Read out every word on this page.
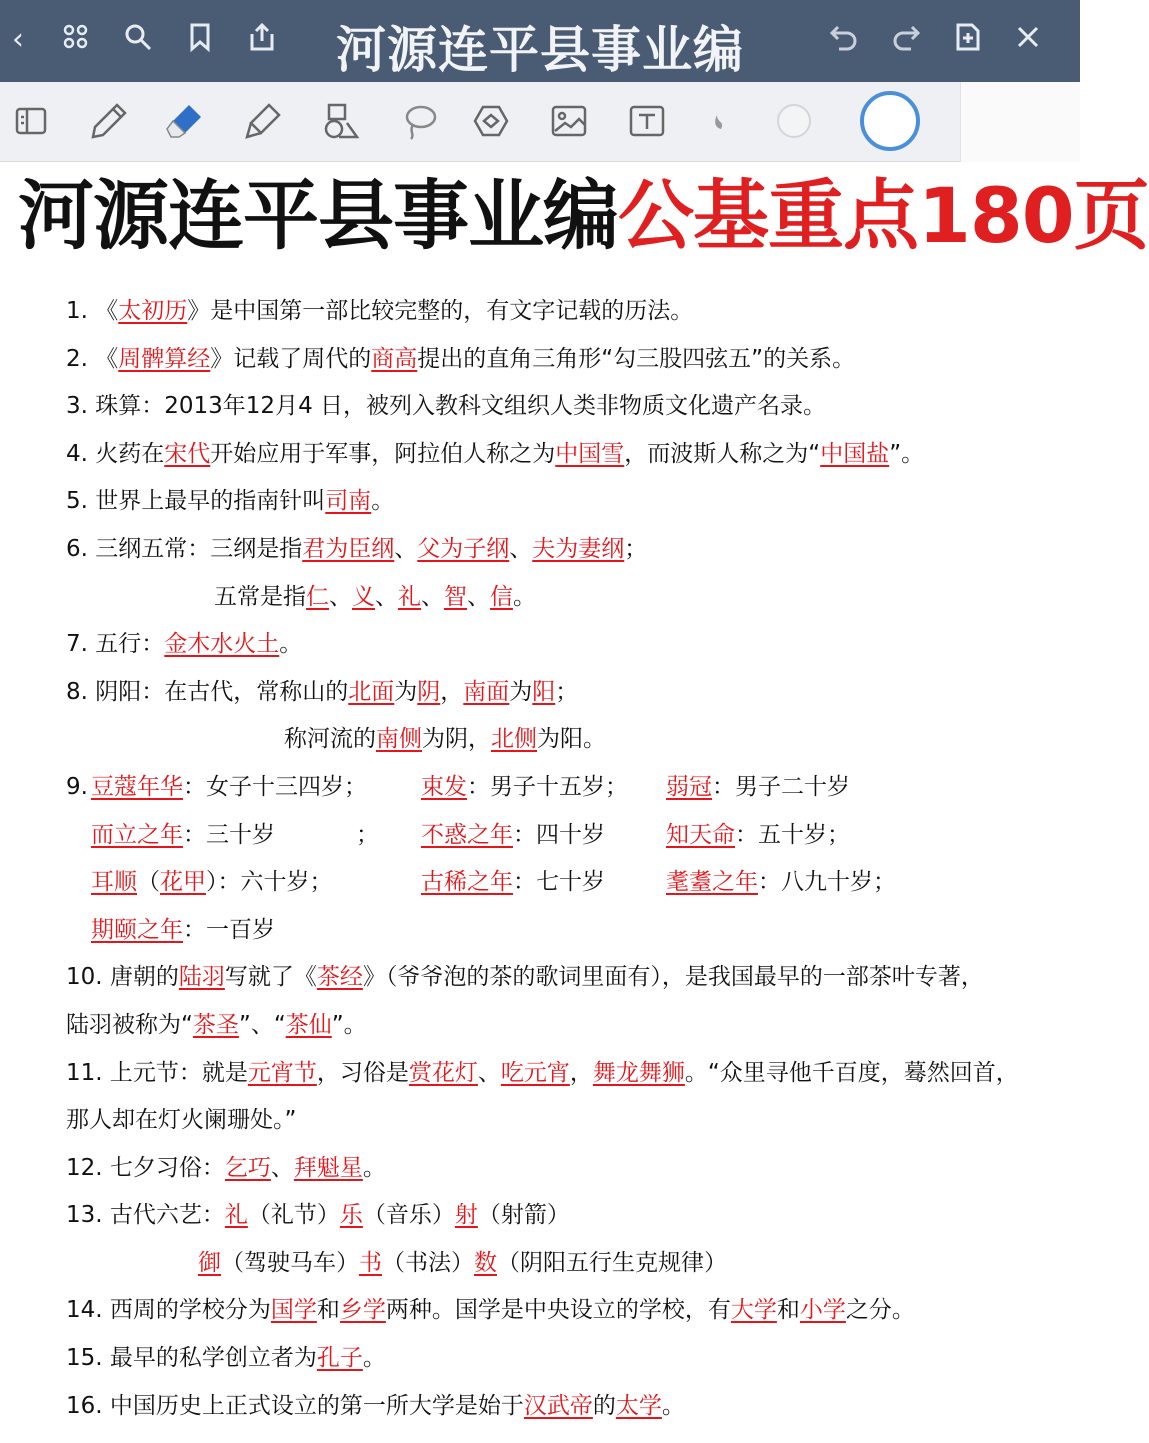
‹	河源连平县事业编
河源连平县事业编公基重点180页
1. 《太初历》是中国第一部比较完整的，有文字记载的历法。
2. 《周髀算经》记载了周代的商高提出的直角三角形“勾三股四弦五”的关系。
3. 珠算：2013年12月4 日，被列入教科文组织人类非物质文化遗产名录。
4. 火药在宋代开始应用于军事，阿拉伯人称之为中国雪，而波斯人称之为“中国盐”。
5. 世界上最早的指南针叫司南。
6. 三纲五常：三纲是指君为臣纲、父为子纲、夫为妻纲；
五常是指仁、义、礼、智、信。
7. 五行：金木水火土。
8. 阴阳：在古代，常称山的北面为阴，南面为阳；
称河流的南侧为阴，北侧为阳。
9. 豆蔻年华：女子十三四岁； 束发：男子十五岁； 弱冠：男子二十岁
而立之年：三十岁	； 不惑之年：四十岁	知天命：五十岁；
耳顺（花甲）：六十岁；	古稀之年：七十岁	耄耋之年：八九十岁；
期颐之年：一百岁
10. 唐朝的陆羽写就了《茶经》（爷爷泡的茶的歌词里面有），是我国最早的一部茶叶专著，
陆羽被称为“茶圣”、“茶仙”。
11. 上元节：就是元宵节，习俗是赏花灯、吃元宵，舞龙舞狮。“众里寻他千百度，蓦然回首，
那人却在灯火阑珊处。”
12. 七夕习俗：乞巧、拜魁星。
13. 古代六艺：礼（礼节）乐（音乐）射（射箭）
御（驾驶马车）书（书法）数（阴阳五行生克规律）
14. 西周的学校分为国学和乡学两种。国学是中央设立的学校，有大学和小学之分。
15. 最早的私学创立者为孔子。
16. 中国历史上正式设立的第一所大学是始于汉武帝的太学。
